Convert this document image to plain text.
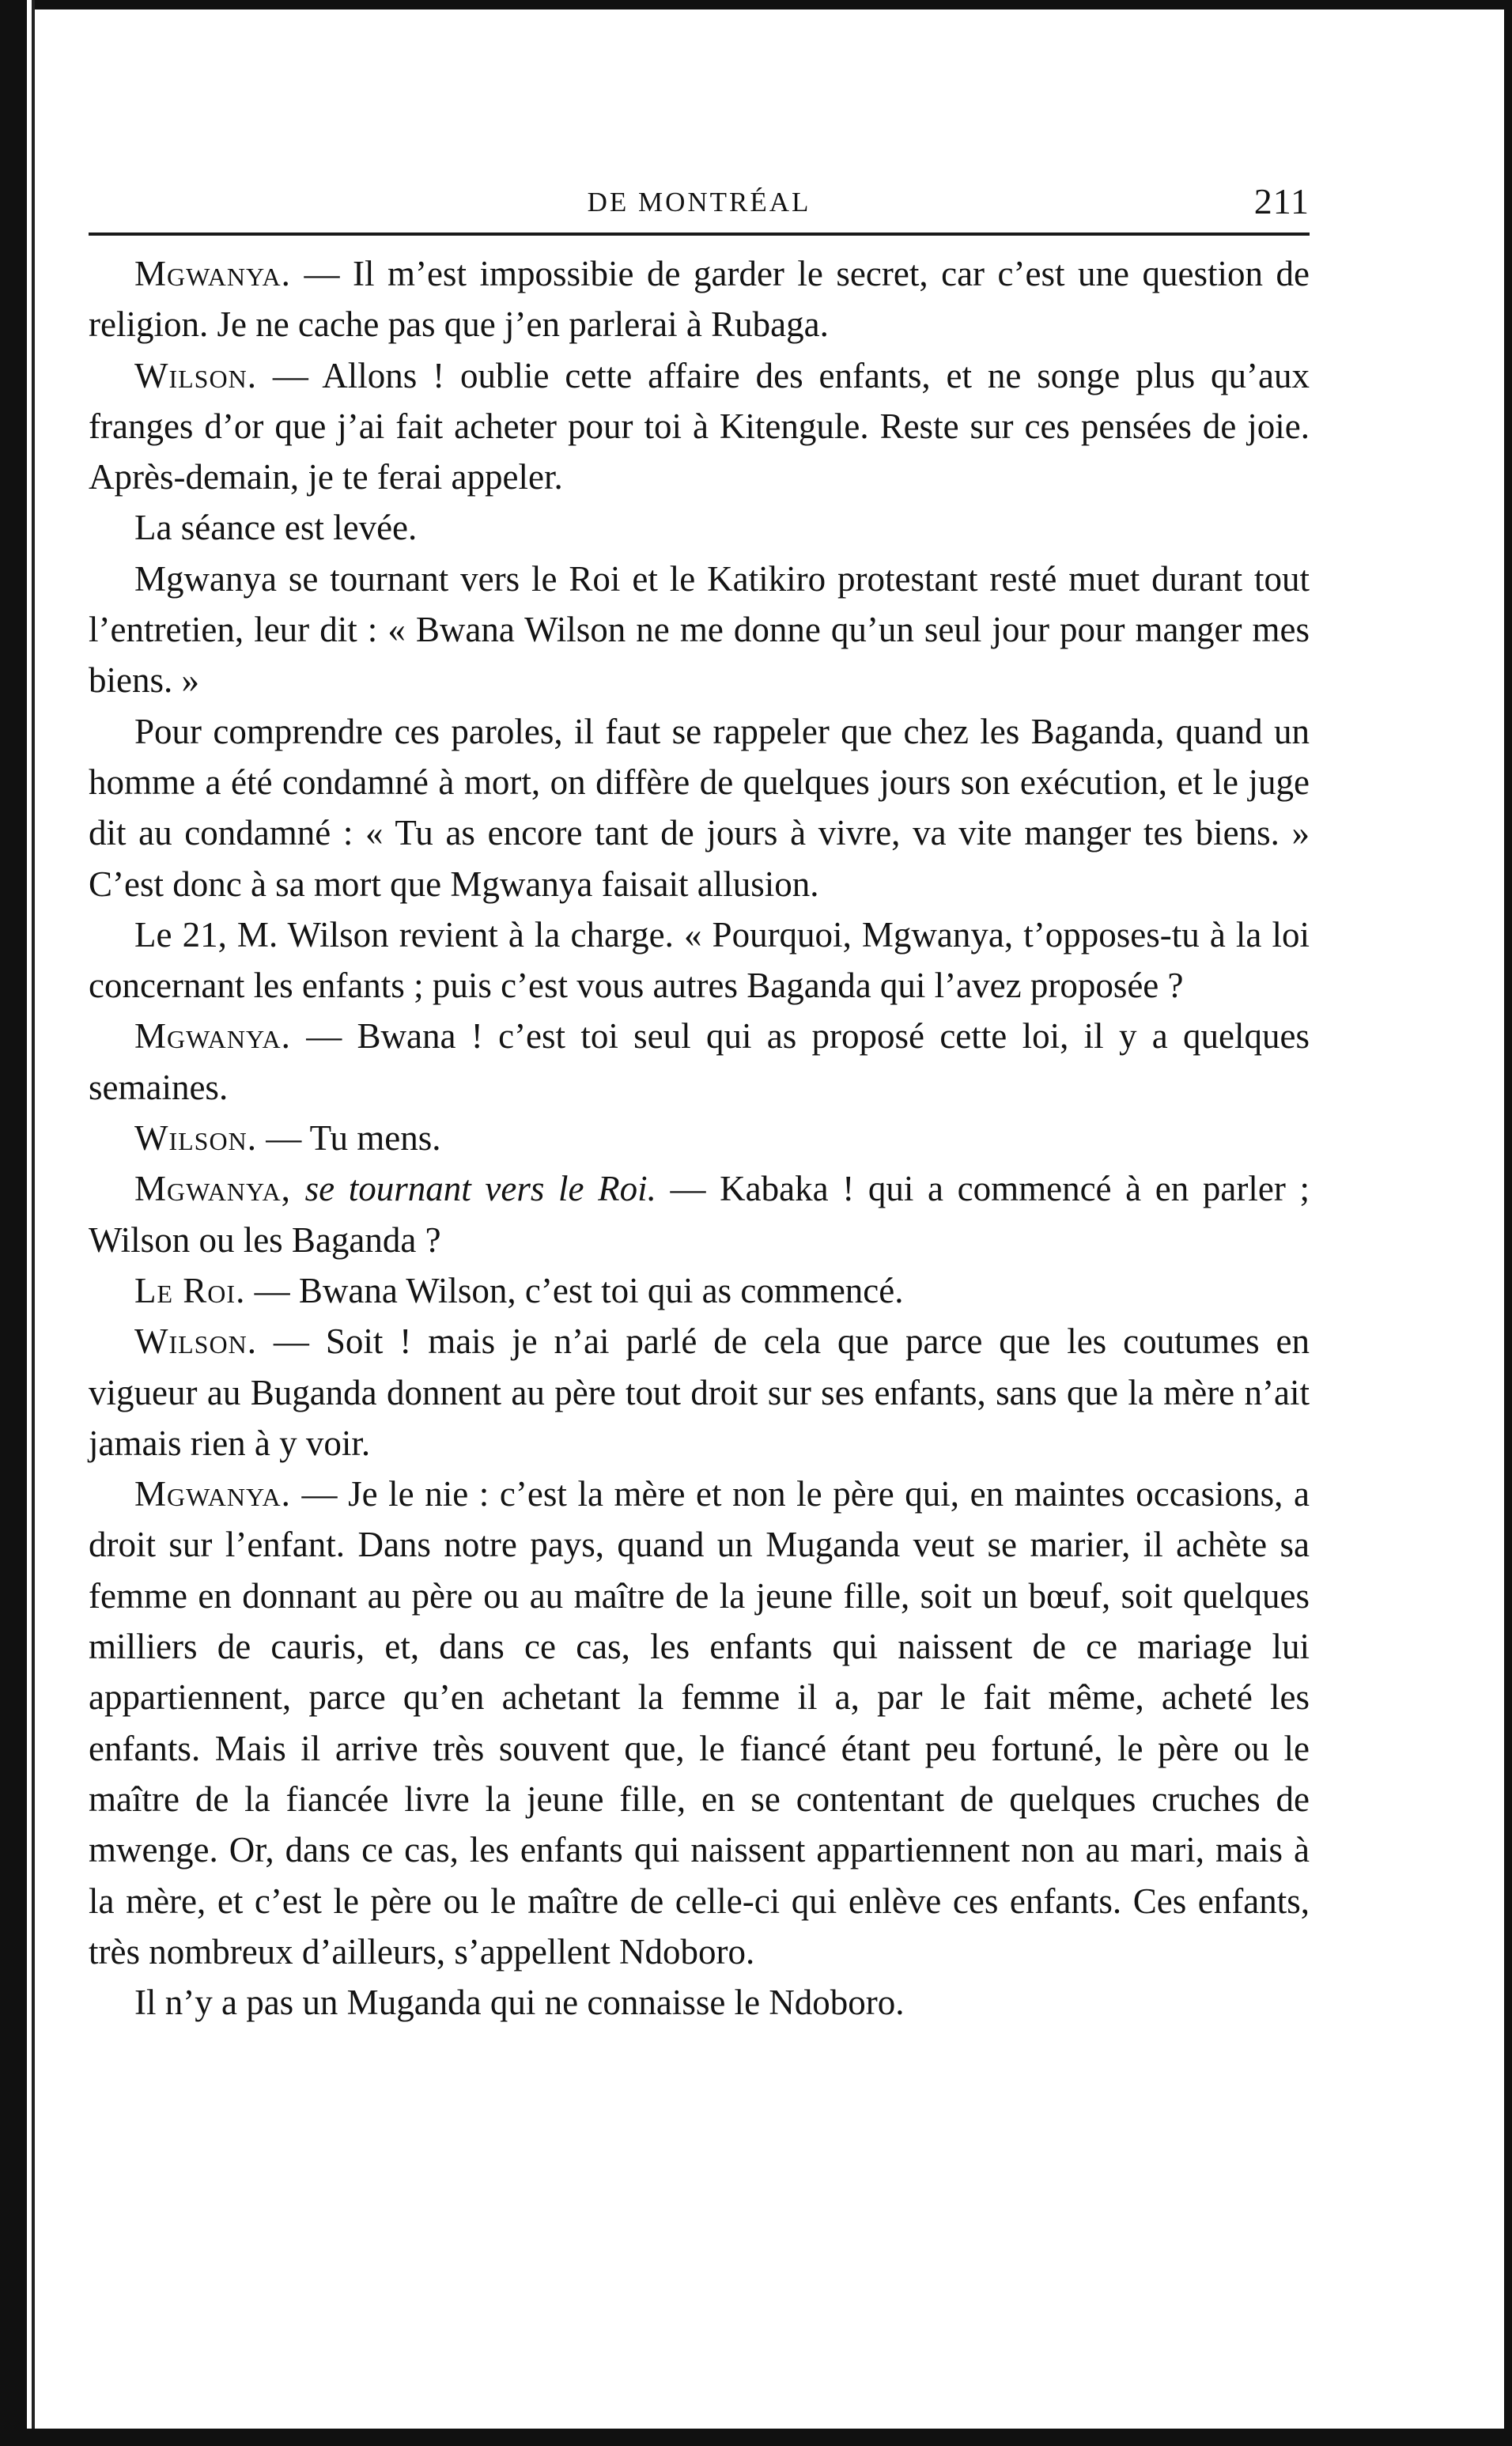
DE MONTRÉAL	211

Mgwanya. — Il m’est impossibie de garder le secret, car c’est une question de religion. Je ne cache pas que j’en parlerai à Rubaga.

Wilson. — Allons ! oublie cette affaire des enfants, et ne songe plus qu’aux franges d’or que j’ai fait acheter pour toi à Kitengule. Reste sur ces pensées de joie. Après-demain, je te ferai appeler.

La séance est levée.

Mgwanya se tournant vers le Roi et le Katikiro protestant resté muet durant tout l’entretien, leur dit : « Bwana Wilson ne me donne qu’un seul jour pour manger mes biens. »

Pour comprendre ces paroles, il faut se rappeler que chez les Baganda, quand un homme a été condamné à mort, on diffère de quelques jours son exécution, et le juge dit au condamné : « Tu as encore tant de jours à vivre, va vite manger tes biens. » C’est donc à sa mort que Mgwanya faisait allusion.

Le 21, M. Wilson revient à la charge. « Pourquoi, Mgwanya, t’opposes-tu à la loi concernant les enfants ; puis c’est vous autres Baganda qui l’avez proposée ?

Mgwanya. — Bwana ! c’est toi seul qui as proposé cette loi, il y a quelques semaines.

Wilson. — Tu mens.

Mgwanya, se tournant vers le Roi. — Kabaka ! qui a commencé à en parler ; Wilson ou les Baganda ?

Le Roi. — Bwana Wilson, c’est toi qui as commencé.

Wilson. — Soit ! mais je n’ai parlé de cela que parce que les coutumes en vigueur au Buganda donnent au père tout droit sur ses enfants, sans que la mère n’ait jamais rien à y voir.

Mgwanya. — Je le nie : c’est la mère et non le père qui, en maintes occasions, a droit sur l’enfant. Dans notre pays, quand un Muganda veut se marier, il achète sa femme en donnant au père ou au maître de la jeune fille, soit un bœuf, soit quelques milliers de cauris, et, dans ce cas, les enfants qui naissent de ce mariage lui appartiennent, parce qu’en achetant la femme il a, par le fait même, acheté les enfants. Mais il arrive très souvent que, le fiancé étant peu fortuné, le père ou le maître de la fiancée livre la jeune fille, en se contentant de quelques cruches de mwenge. Or, dans ce cas, les enfants qui naissent appartiennent non au mari, mais à la mère, et c’est le père ou le maître de celle-ci qui enlève ces enfants. Ces enfants, très nombreux d’ailleurs, s’appellent Ndoboro.

Il n’y a pas un Muganda qui ne connaisse le Ndoboro.
